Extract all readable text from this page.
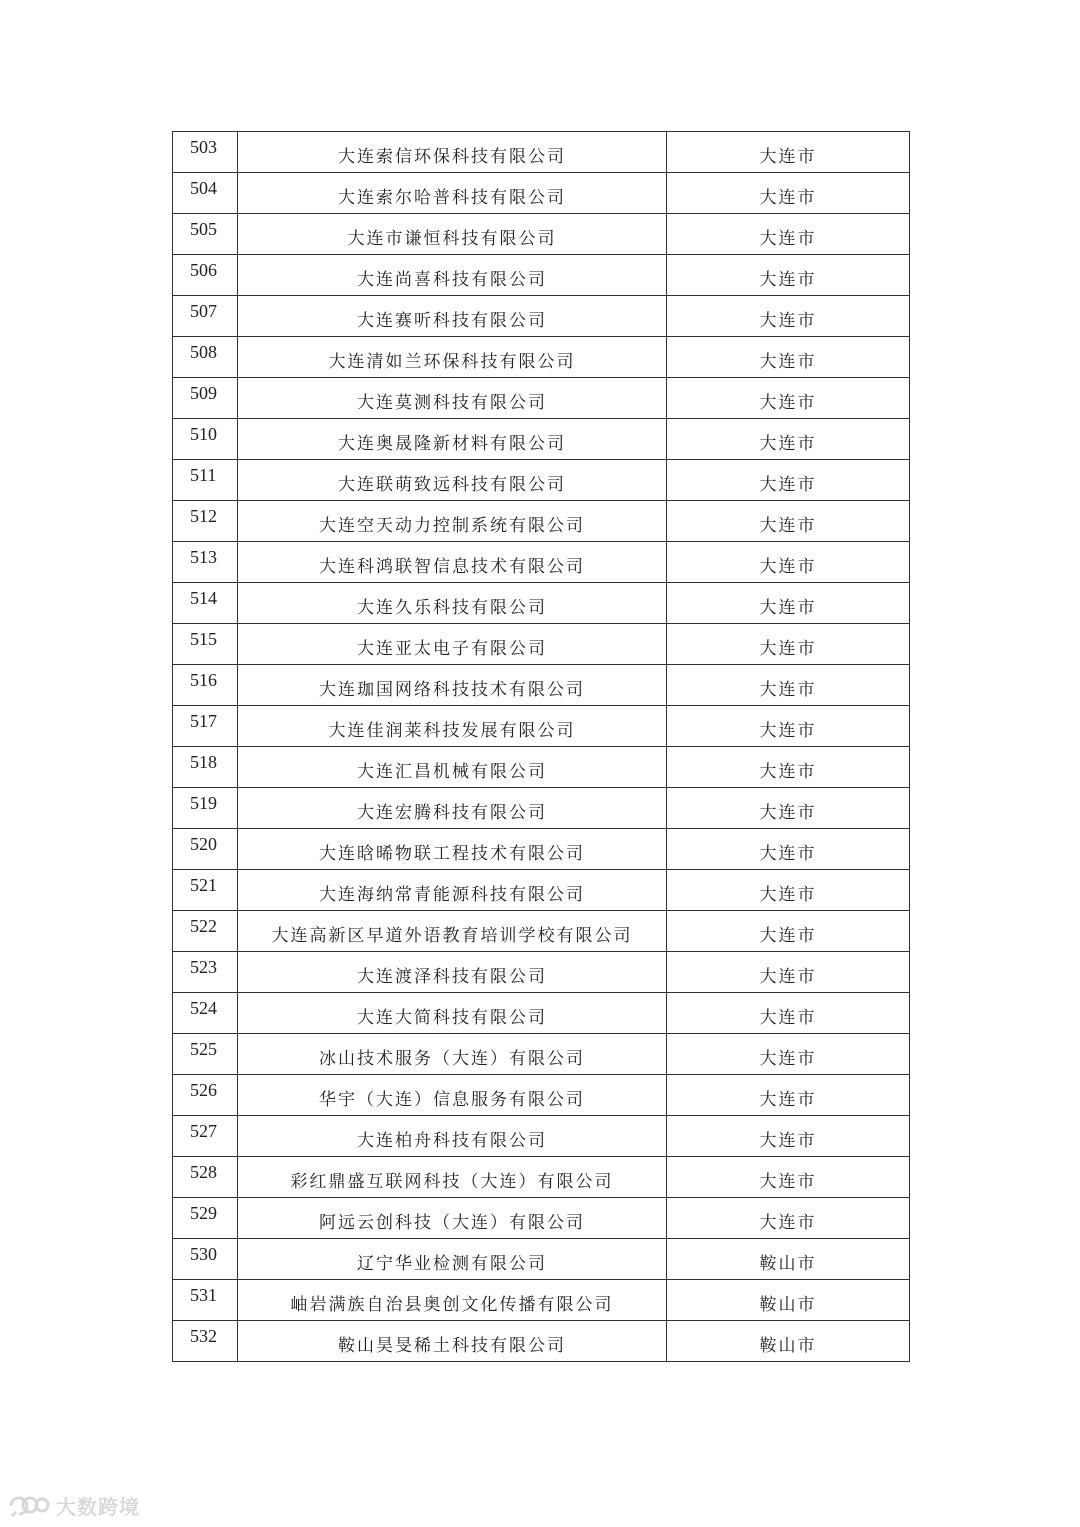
503	大连索信环保科技有限公司	大连市
504	大连索尔哈普科技有限公司	大连市
505	大连市谦恒科技有限公司	大连市
506	大连尚喜科技有限公司	大连市
507	大连赛听科技有限公司	大连市
508	大连清如兰环保科技有限公司	大连市
509	大连莫测科技有限公司	大连市
510	大连奥晟隆新材料有限公司	大连市
511	大连联萌致远科技有限公司	大连市
512	大连空天动力控制系统有限公司	大连市
513	大连科鸿联智信息技术有限公司	大连市
514	大连久乐科技有限公司	大连市
515	大连亚太电子有限公司	大连市
516	大连珈国网络科技技术有限公司	大连市
517	大连佳润莱科技发展有限公司	大连市
518	大连汇昌机械有限公司	大连市
519	大连宏腾科技有限公司	大连市
520	大连晗晞物联工程技术有限公司	大连市
521	大连海纳常青能源科技有限公司	大连市
522	大连高新区早道外语教育培训学校有限公司	大连市
523	大连渡泽科技有限公司	大连市
524	大连大简科技有限公司	大连市
525	冰山技术服务（大连）有限公司	大连市
526	华宇（大连）信息服务有限公司	大连市
527	大连柏舟科技有限公司	大连市
528	彩红鼎盛互联网科技（大连）有限公司	大连市
529	阿远云创科技（大连）有限公司	大连市
530	辽宁华业检测有限公司	鞍山市
531	岫岩满族自治县奥创文化传播有限公司	鞍山市
532	鞍山昊旻稀土科技有限公司	鞍山市
大数跨境
